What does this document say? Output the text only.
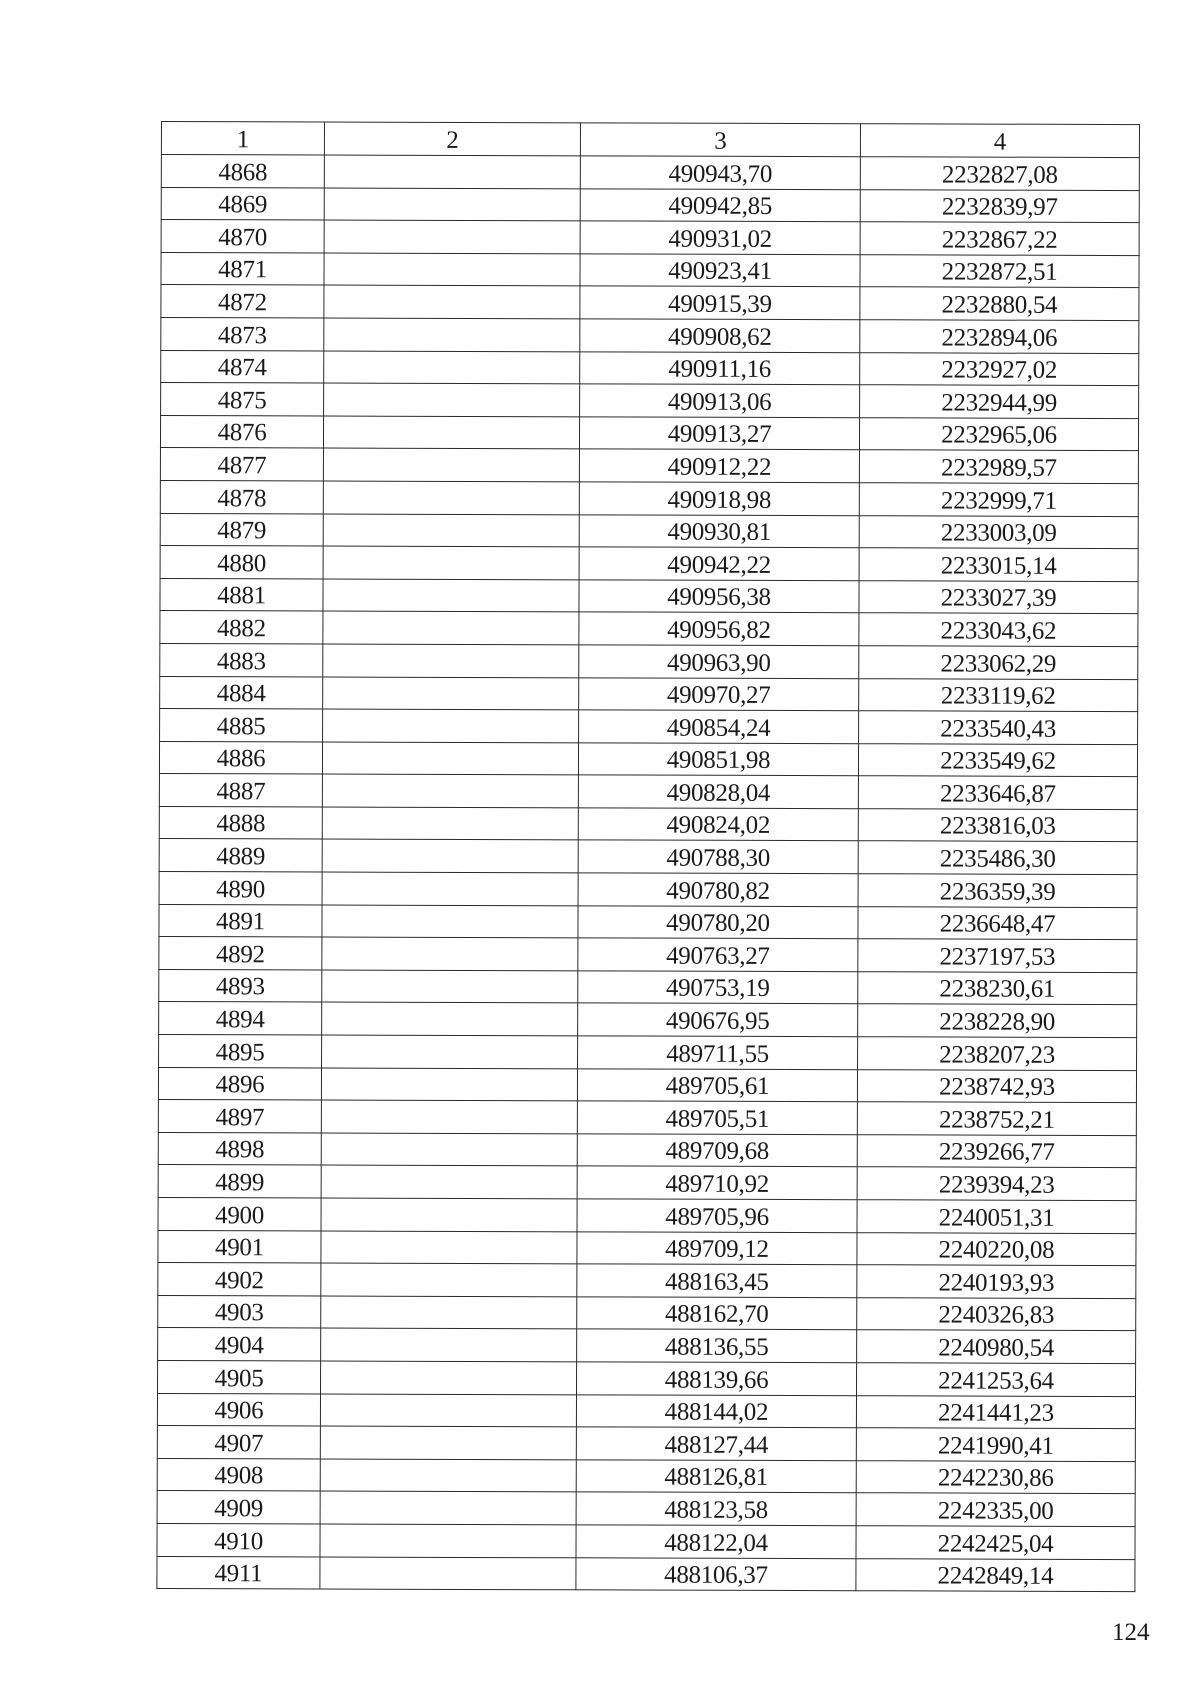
1	2	3	4
4868		490943,70	2232827,08
4869		490942,85	2232839,97
4870		490931,02	2232867,22
4871		490923,41	2232872,51
4872		490915,39	2232880,54
4873		490908,62	2232894,06
4874		490911,16	2232927,02
4875		490913,06	2232944,99
4876		490913,27	2232965,06
4877		490912,22	2232989,57
4878		490918,98	2232999,71
4879		490930,81	2233003,09
4880		490942,22	2233015,14
4881		490956,38	2233027,39
4882		490956,82	2233043,62
4883		490963,90	2233062,29
4884		490970,27	2233119,62
4885		490854,24	2233540,43
4886		490851,98	2233549,62
4887		490828,04	2233646,87
4888		490824,02	2233816,03
4889		490788,30	2235486,30
4890		490780,82	2236359,39
4891		490780,20	2236648,47
4892		490763,27	2237197,53
4893		490753,19	2238230,61
4894		490676,95	2238228,90
4895		489711,55	2238207,23
4896		489705,61	2238742,93
4897		489705,51	2238752,21
4898		489709,68	2239266,77
4899		489710,92	2239394,23
4900		489705,96	2240051,31
4901		489709,12	2240220,08
4902		488163,45	2240193,93
4903		488162,70	2240326,83
4904		488136,55	2240980,54
4905		488139,66	2241253,64
4906		488144,02	2241441,23
4907		488127,44	2241990,41
4908		488126,81	2242230,86
4909		488123,58	2242335,00
4910		488122,04	2242425,04
4911		488106,37	2242849,14
124
